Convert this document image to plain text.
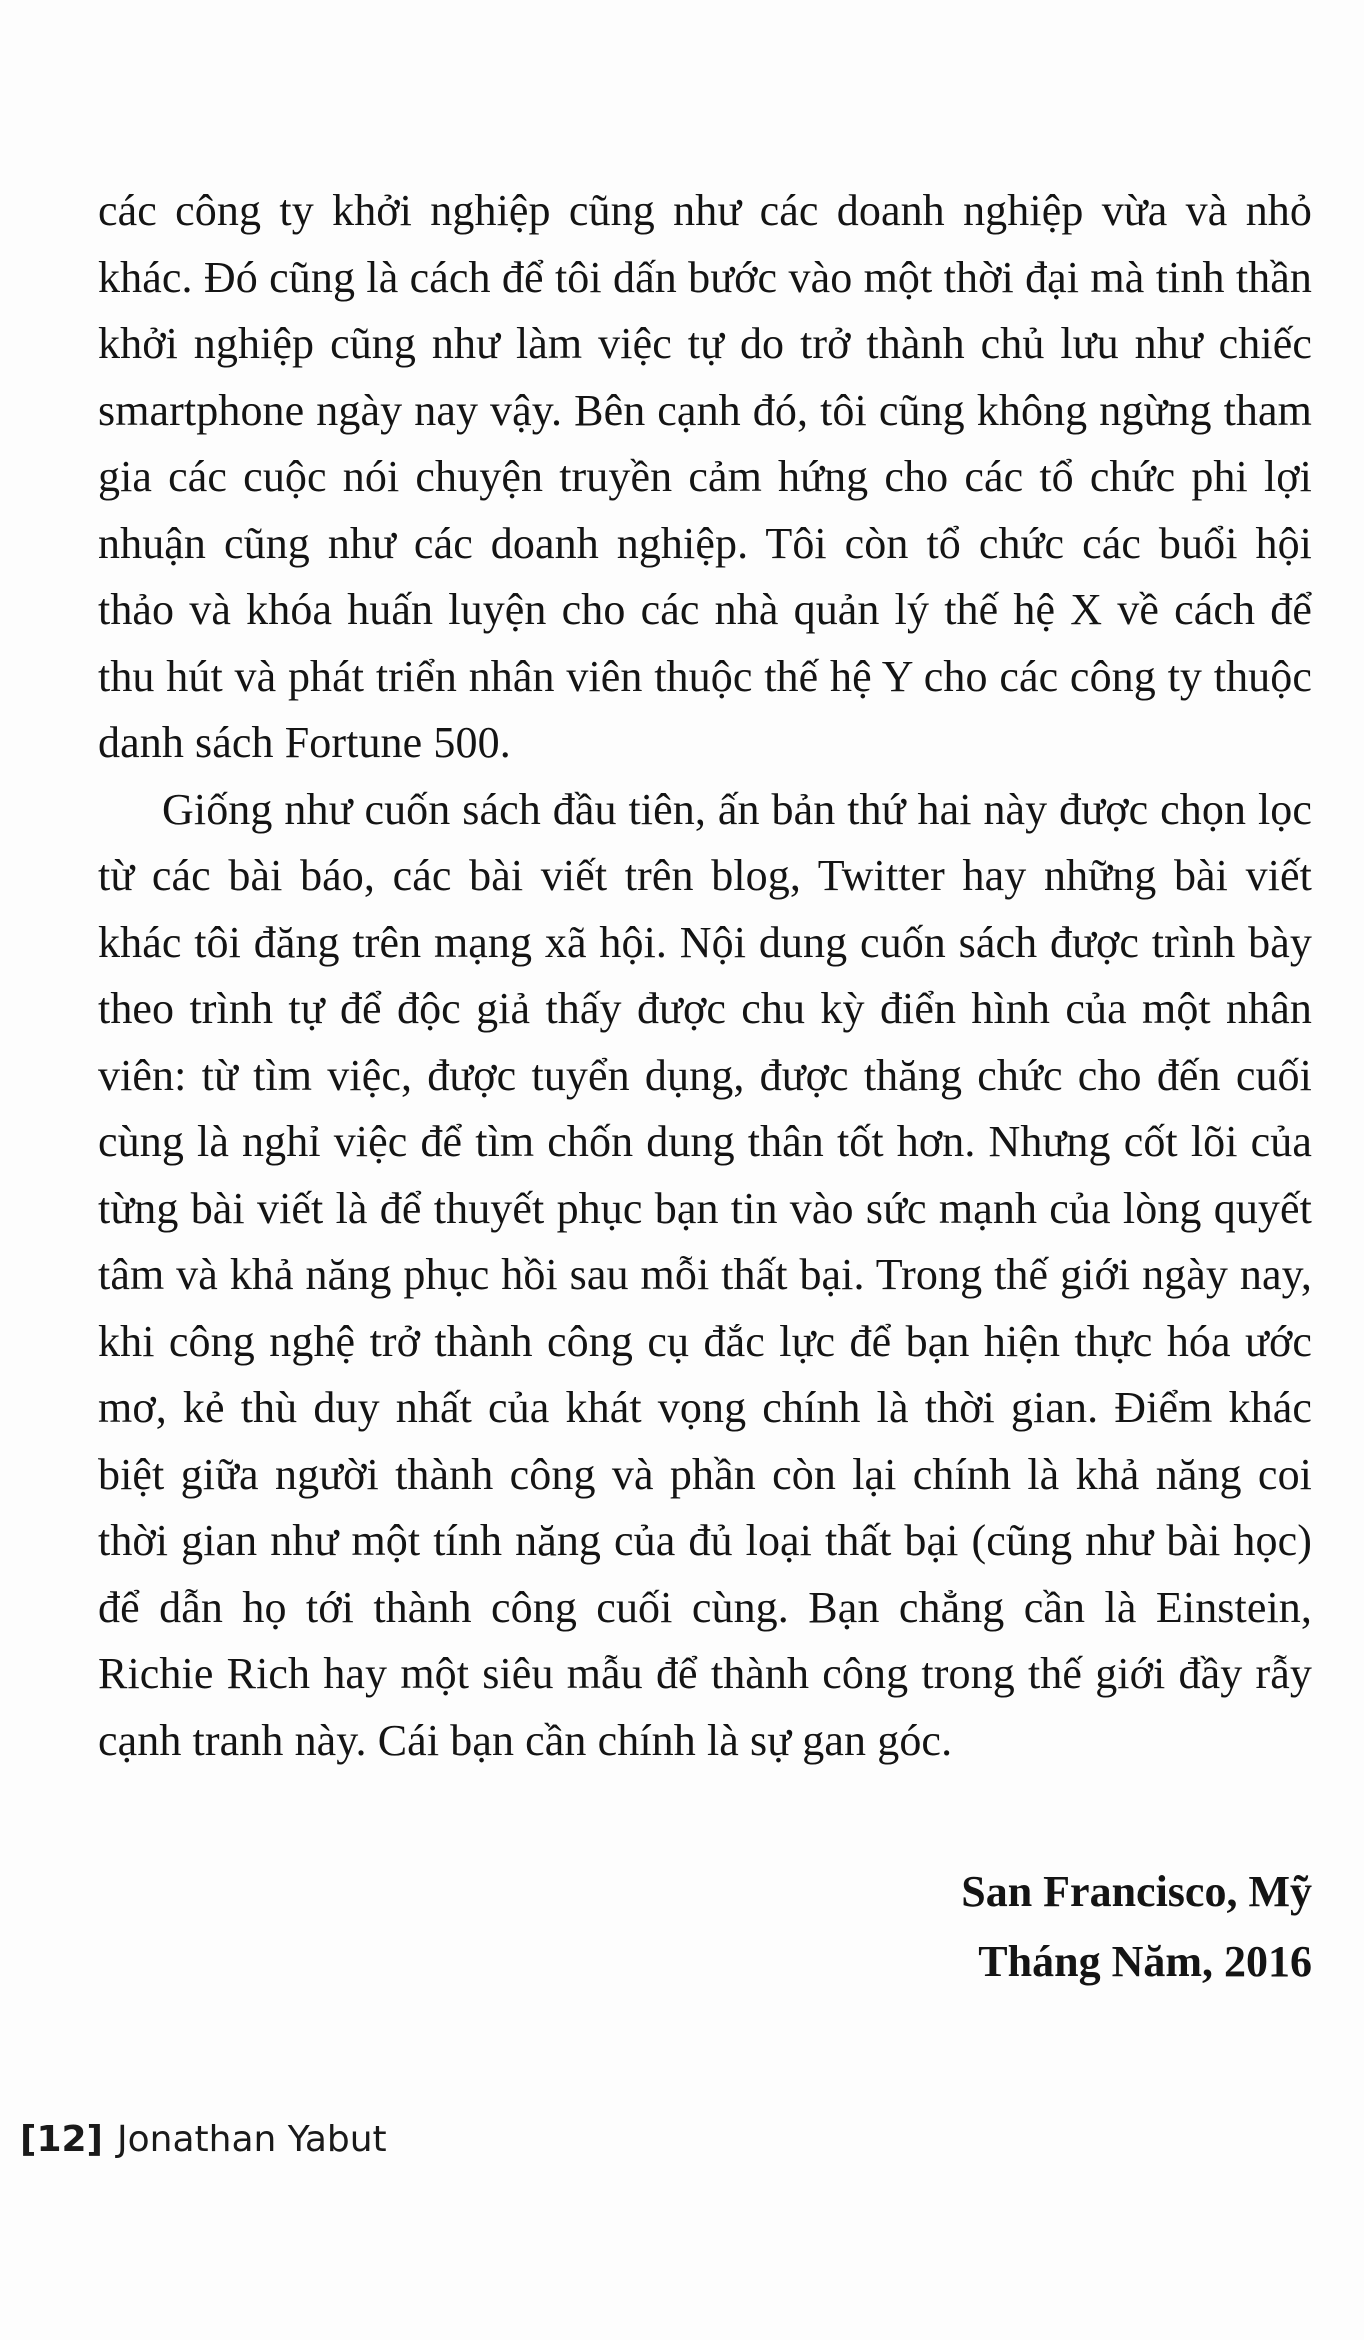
các công ty khởi nghiệp cũng như các doanh nghiệp vừa và nhỏ khác. Đó cũng là cách để tôi dấn bước vào một thời đại mà tinh thần khởi nghiệp cũng như làm việc tự do trở thành chủ lưu như chiếc smartphone ngày nay vậy. Bên cạnh đó, tôi cũng không ngừng tham gia các cuộc nói chuyện truyền cảm hứng cho các tổ chức phi lợi nhuận cũng như các doanh nghiệp. Tôi còn tổ chức các buổi hội thảo và khóa huấn luyện cho các nhà quản lý thế hệ X về cách để thu hút và phát triển nhân viên thuộc thế hệ Y cho các công ty thuộc danh sách Fortune 500.

Giống như cuốn sách đầu tiên, ấn bản thứ hai này được chọn lọc từ các bài báo, các bài viết trên blog, Twitter hay những bài viết khác tôi đăng trên mạng xã hội. Nội dung cuốn sách được trình bày theo trình tự để độc giả thấy được chu kỳ điển hình của một nhân viên: từ tìm việc, được tuyển dụng, được thăng chức cho đến cuối cùng là nghỉ việc để tìm chốn dung thân tốt hơn. Nhưng cốt lõi của từng bài viết là để thuyết phục bạn tin vào sức mạnh của lòng quyết tâm và khả năng phục hồi sau mỗi thất bại. Trong thế giới ngày nay, khi công nghệ trở thành công cụ đắc lực để bạn hiện thực hóa ước mơ, kẻ thù duy nhất của khát vọng chính là thời gian. Điểm khác biệt giữa người thành công và phần còn lại chính là khả năng coi thời gian như một tính năng của đủ loại thất bại (cũng như bài học) để dẫn họ tới thành công cuối cùng. Bạn chẳng cần là Einstein, Richie Rich hay một siêu mẫu để thành công trong thế giới đầy rẫy cạnh tranh này. Cái bạn cần chính là sự gan góc.

San Francisco, Mỹ
Tháng Năm, 2016
[12] Jonathan Yabut
